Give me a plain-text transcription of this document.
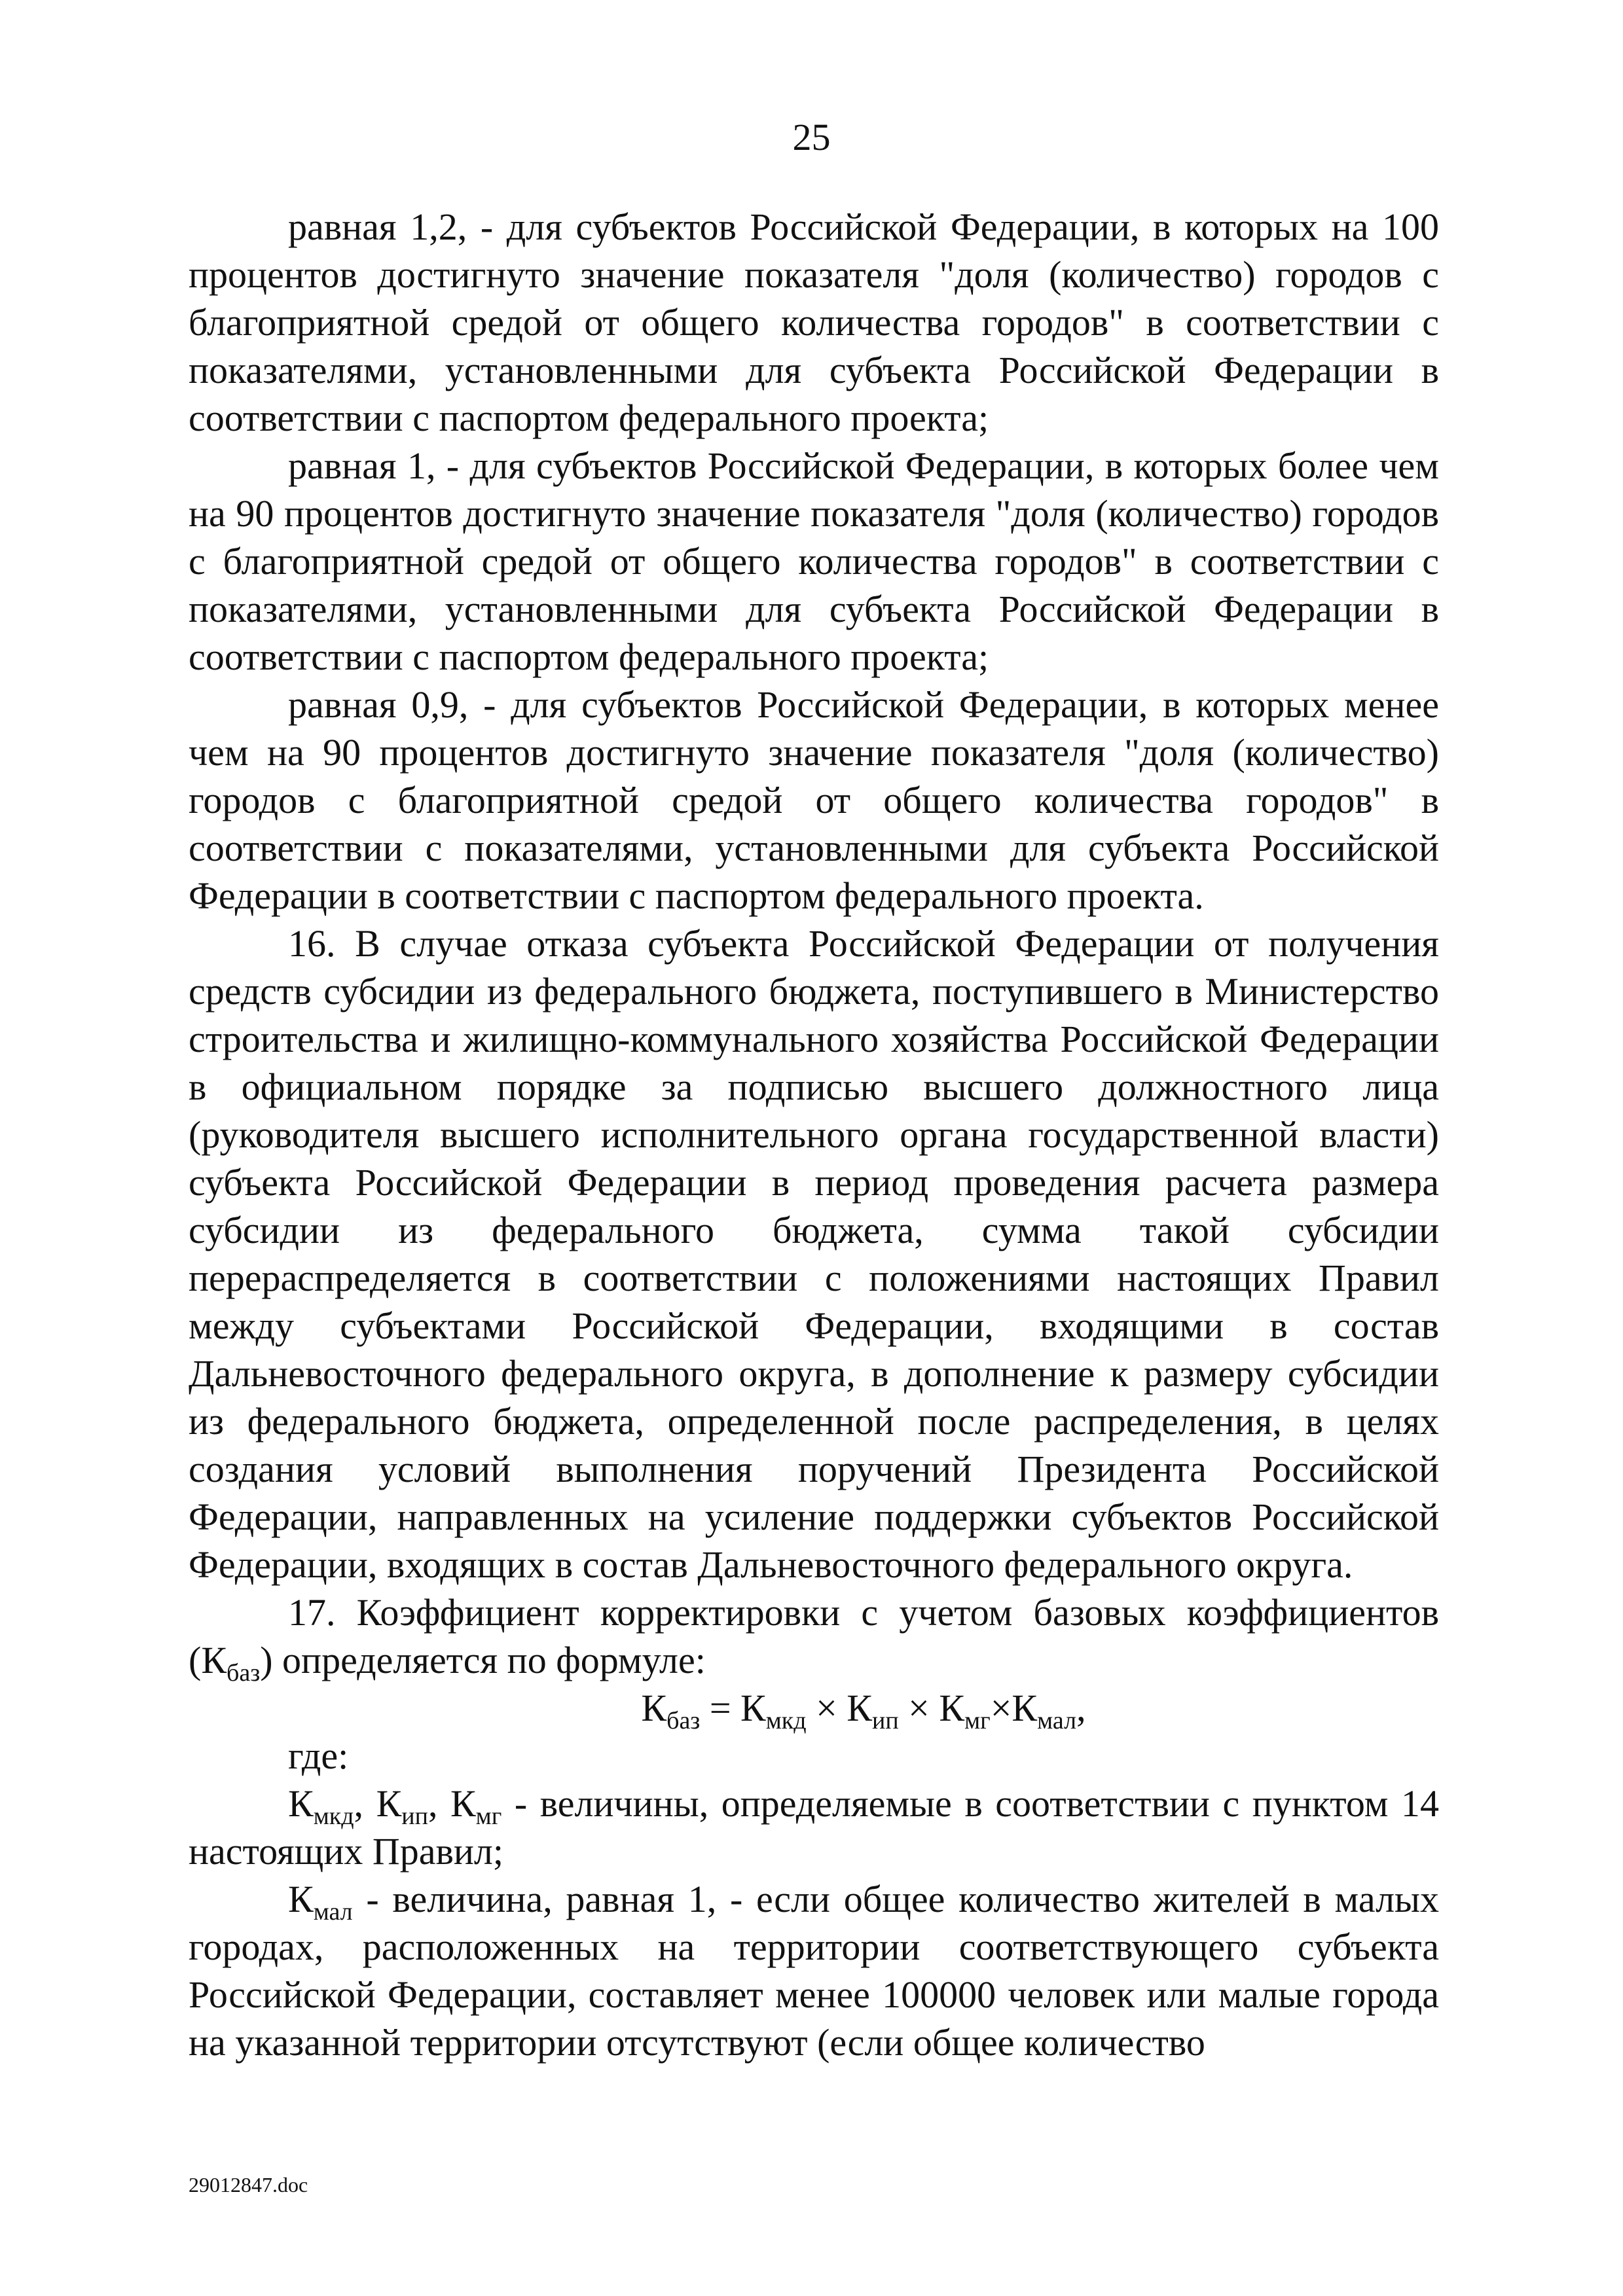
25

равная 1,2, - для субъектов Российской Федерации, в которых на 100 процентов достигнуто значение показателя "доля (количество) городов с благоприятной средой от общего количества городов" в соответствии с показателями, установленными для субъекта Российской Федерации в соответствии с паспортом федерального проекта;

равная 1, - для субъектов Российской Федерации, в которых более чем на 90 процентов достигнуто значение показателя "доля (количество) городов с благоприятной средой от общего количества городов" в соответствии с показателями, установленными для субъекта Российской Федерации в соответствии с паспортом федерального проекта;

равная 0,9, - для субъектов Российской Федерации, в которых менее чем на 90 процентов достигнуто значение показателя "доля (количество) городов с благоприятной средой от общего количества городов" в соответствии с показателями, установленными для субъекта Российской Федерации в соответствии с паспортом федерального проекта.

16. В случае отказа субъекта Российской Федерации от получения средств субсидии из федерального бюджета, поступившего в Министерство строительства и жилищно-коммунального хозяйства Российской Федерации в официальном порядке за подписью высшего должностного лица (руководителя высшего исполнительного органа государственной власти) субъекта Российской Федерации в период проведения расчета размера субсидии из федерального бюджета, сумма такой субсидии перераспределяется в соответствии с положениями настоящих Правил между субъектами Российской Федерации, входящими в состав Дальневосточного федерального округа, в дополнение к размеру субсидии из федерального бюджета, определенной после распределения, в целях создания условий выполнения поручений Президента Российской Федерации, направленных на усиление поддержки субъектов Российской Федерации, входящих в состав Дальневосточного федерального округа.

17. Коэффициент корректировки с учетом базовых коэффициентов $(К_{баз})$ определяется по формуле:

$К_{баз} = К_{мкд} \times К_{ип} \times К_{мг}\times К_{мал}$,

где:

$К_{мкд}$, $К_{ип}$, $К_{мг}$ - величины, определяемые в соответствии с пунктом 14 настоящих Правил;

$К_{мал}$ - величина, равная 1, - если общее количество жителей в малых городах, расположенных на территории соответствующего субъекта Российской Федерации, составляет менее 100000 человек или малые города на указанной территории отсутствуют (если общее количество

29012847.doc
